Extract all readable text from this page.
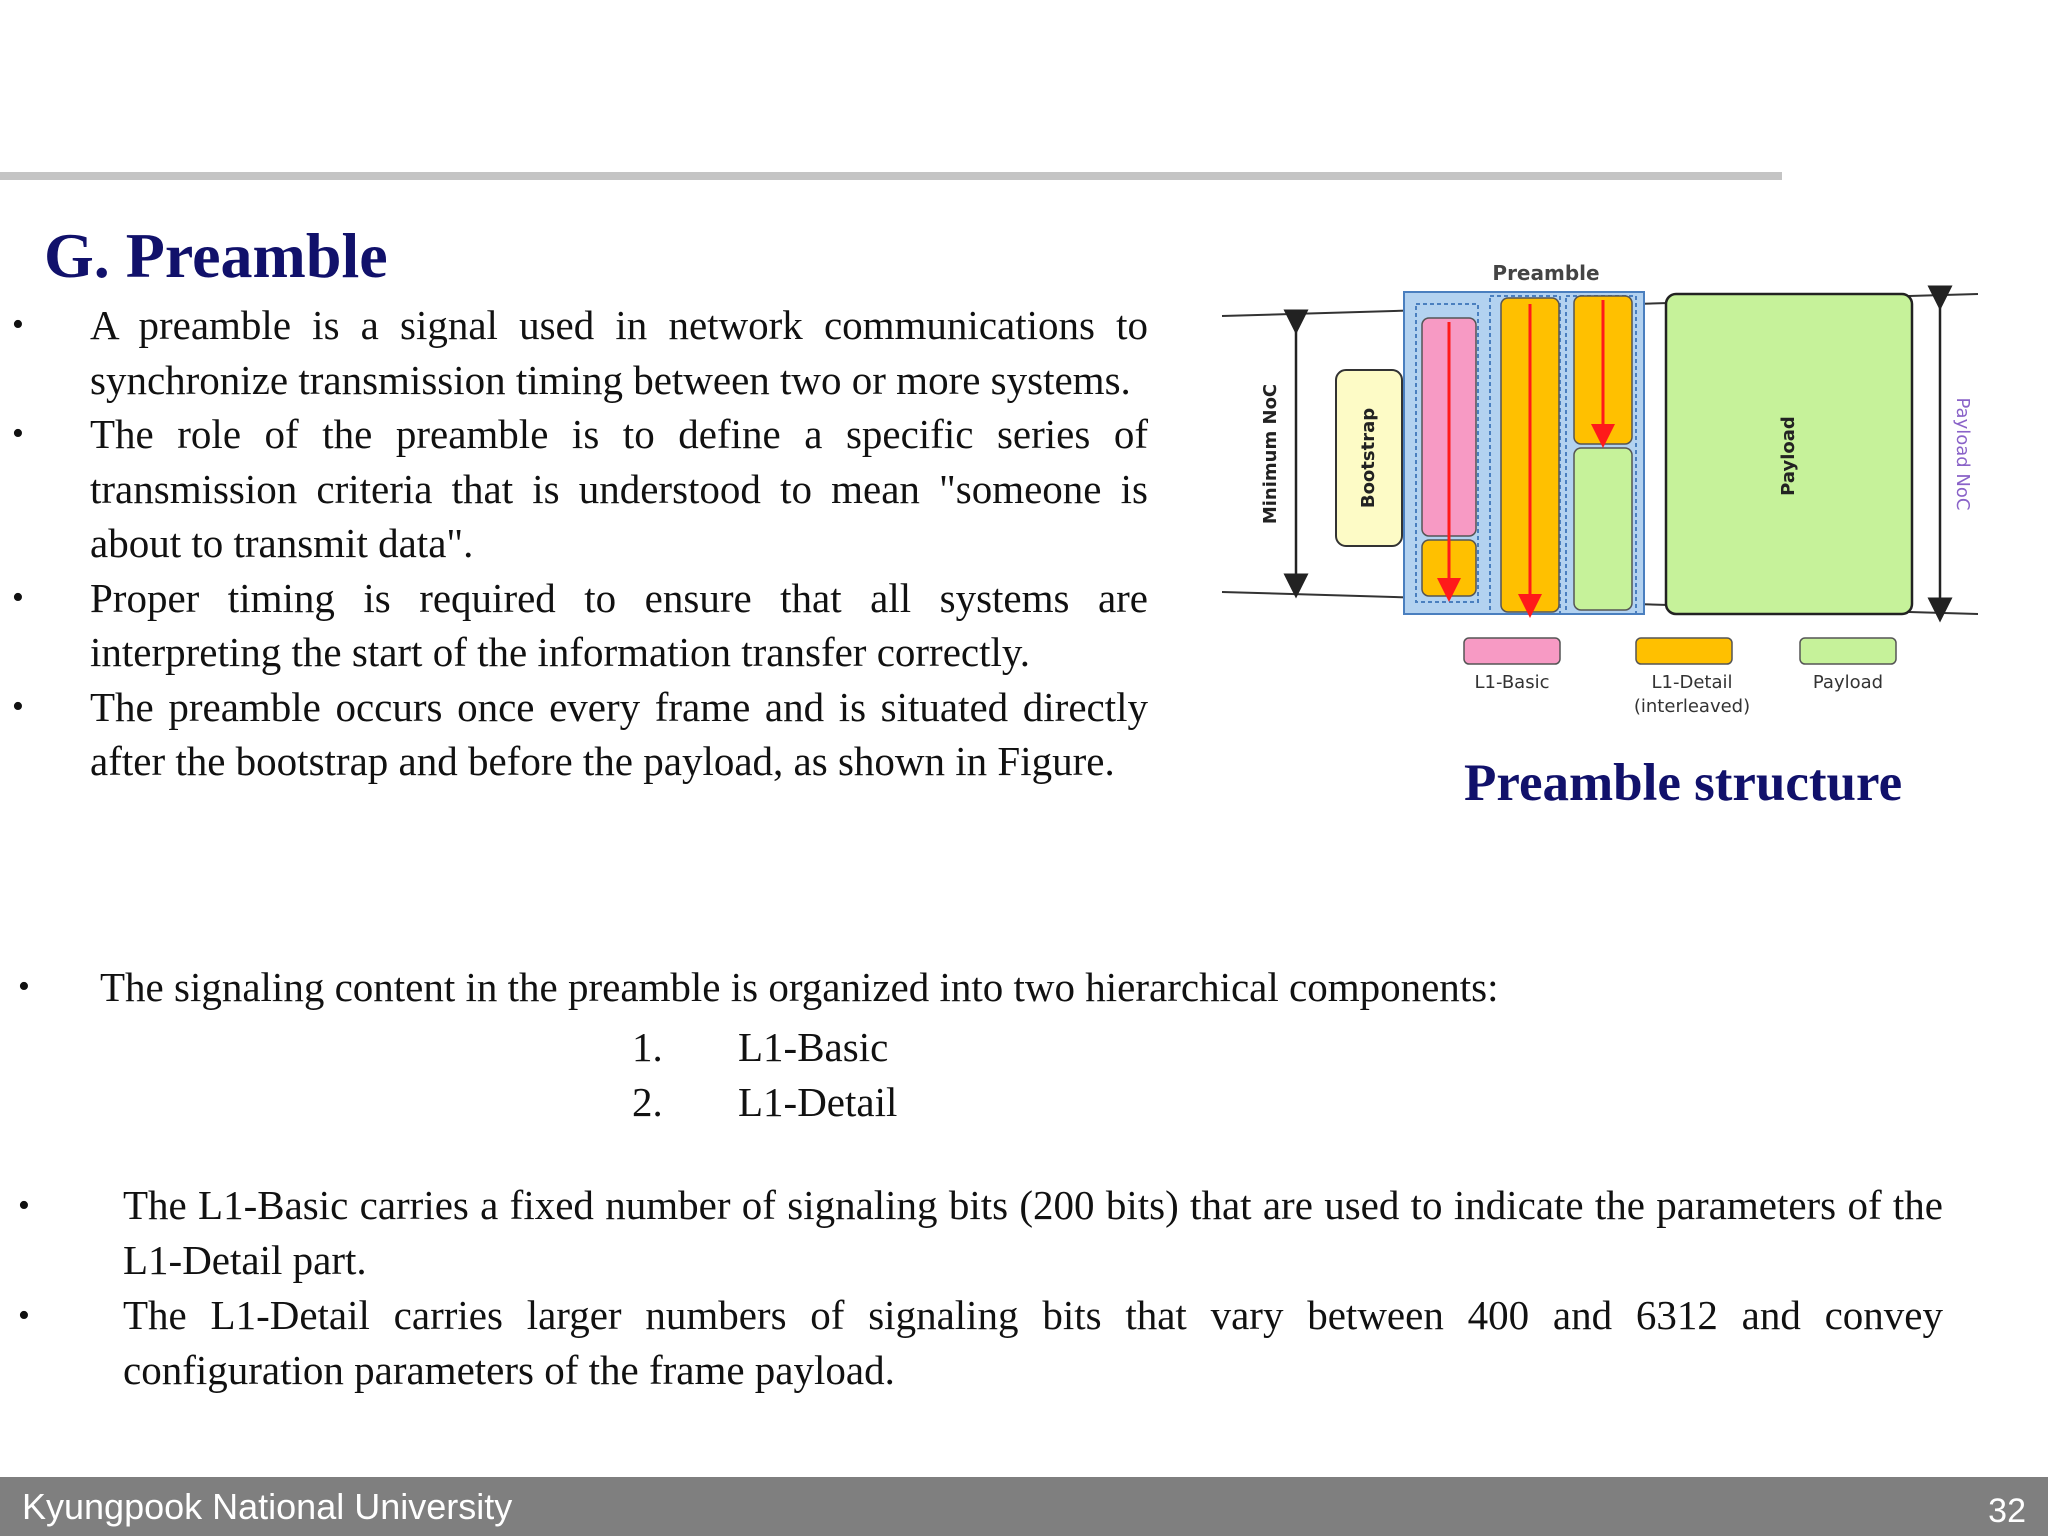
G. Preamble
• A preamble is a signal used in network communications to synchronize transmission timing between two or more systems.
• The role of the preamble is to define a specific series of transmission criteria that is understood to mean "someone is about to transmit data".
• Proper timing is required to ensure that all systems are interpreting the start of the information transfer correctly.
• The preamble occurs once every frame and is situated directly after the bootstrap and before the payload, as shown in Figure.
Preamble
Minimum NoC	Bootstrap	Payload	Payload NoC
L1-Basic	L1-Detail
(interleaved)
Payload
Preamble structure
• The signaling content in the preamble is organized into two hierarchical components:
1.	L1-Basic
2.	L1-Detail
• The L1-Basic carries a fixed number of signaling bits (200 bits) that are used to indicate the parameters of the L1-Detail part.
• The L1-Detail carries larger numbers of signaling bits that vary between 400 and 6312 and convey configuration parameters of the frame payload.
Kyungpook National University	32
